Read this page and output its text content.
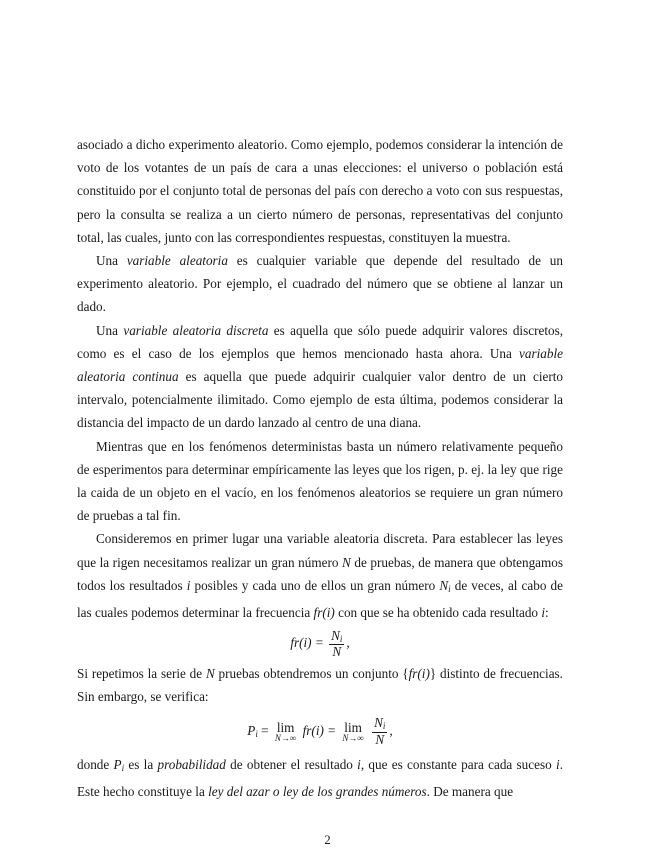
asociado a dicho experimento aleatorio. Como ejemplo, podemos considerar la intención de voto de los votantes de un país de cara a unas elecciones: el universo o población está constituido por el conjunto total de personas del país con derecho a voto con sus respuestas, pero la consulta se realiza a un cierto número de personas, representativas del conjunto total, las cuales, junto con las correspondientes respuestas, constituyen la muestra.

Una variable aleatoria es cualquier variable que depende del resultado de un experimento aleatorio. Por ejemplo, el cuadrado del número que se obtiene al lanzar un dado.

Una variable aleatoria discreta es aquella que sólo puede adquirir valores discretos, como es el caso de los ejemplos que hemos mencionado hasta ahora. Una variable aleatoria continua es aquella que puede adquirir cualquier valor dentro de un cierto intervalo, potencialmente ilimitado. Como ejemplo de esta última, podemos considerar la distancia del impacto de un dardo lanzado al centro de una diana.

Mientras que en los fenómenos deterministas basta un número relativamente pequeño de esperimentos para determinar empíricamente las leyes que los rigen, p. ej. la ley que rige la caida de un objeto en el vacío, en los fenómenos aleatorios se requiere un gran número de pruebas a tal fin.

Consideremos en primer lugar una variable aleatoria discreta. Para establecer las leyes que la rigen necesitamos realizar un gran número N de pruebas, de manera que obtengamos todos los resultados i posibles y cada uno de ellos un gran número $N_i$ de veces, al cabo de las cuales podemos determinar la frecuencia fr(i) con que se ha obtenido cada resultado i:

$fr(i) = \frac{N_i}{N}$ ,

Si repetimos la serie de N pruebas obtendremos un conjunto {fr(i)} distinto de frecuencias. Sin embargo, se verifica:

$P_i = \lim$
N→∞
fr(i) = lim
N→∞
$\frac{N_i}{N}$ ,

donde $P_i$ es la probabilidad de obtener el resultado i, que es constante para cada suceso i. Este hecho constituye la ley del azar o ley de los grandes números. De manera que

2
